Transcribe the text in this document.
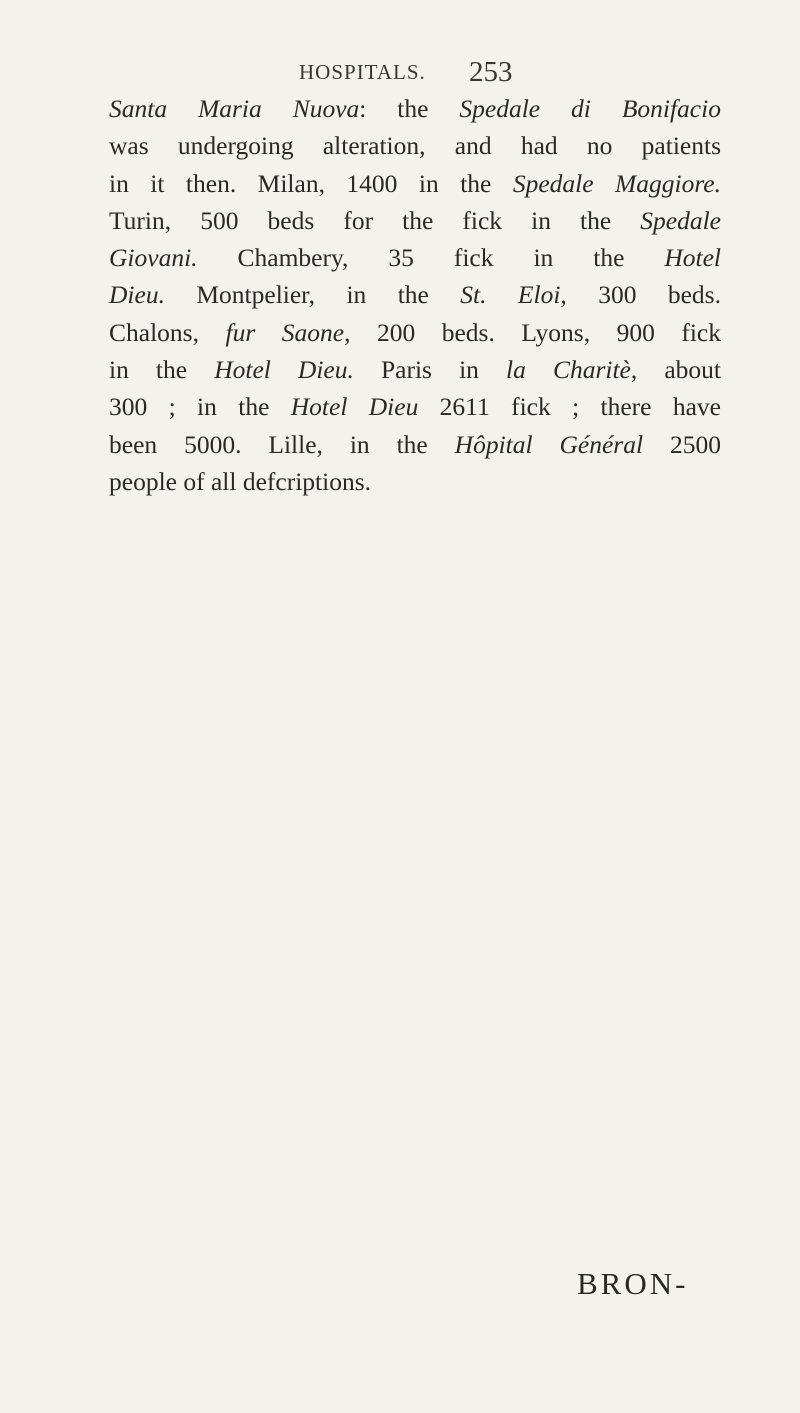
HOSPITALS. 253
Santa Maria Nuova: the Spedale di Bonifacio
was undergoing alteration, and had no patients
in it then. Milan, 1400 in the Spedale Maggiore.
Turin, 500 beds for the fick in the Spedale
Giovani. Chambery, 35 fick in the Hotel
Dieu. Montpelier, in the St. Eloi, 300 beds.
Chalons, fur Saone, 200 beds. Lyons, 900 fick
in the Hotel Dieu. Paris in la Charitè, about
300 ; in the Hotel Dieu 2611 fick ; there have
been 5000. Lille, in the Hôpital Général 2500
people of all defcriptions.
BRON-
